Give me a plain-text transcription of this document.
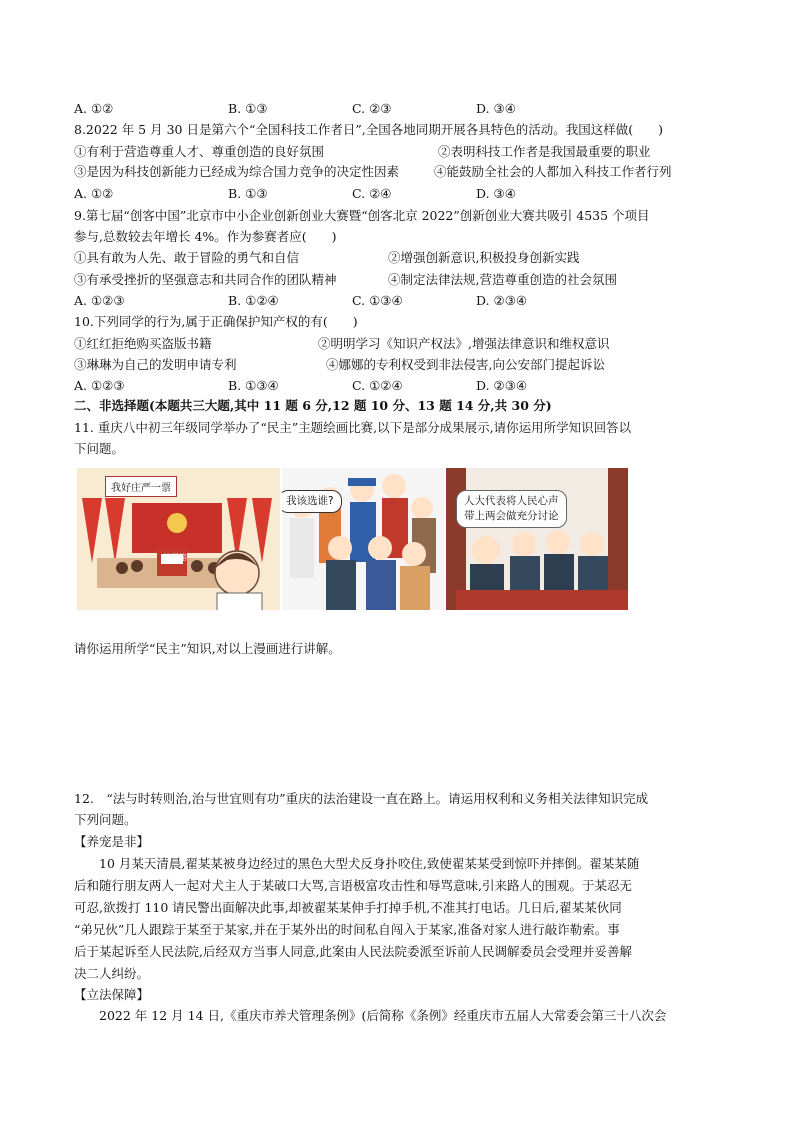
A. ①②	B. ①③	C. ②③	D. ③④
8.2022 年 5 月 30 日是第六个“全国科技工作者日”,全国各地同期开展各具特色的活动。我国这样做(　　)
①有利于营造尊重人才、尊重创造的良好氛围	②表明科技工作者是我国最重要的职业
③是因为科技创新能力已经成为综合国力竞争的决定性因素	④能鼓励全社会的人都加入科技工作者行列
A. ①②	B. ①③	C. ②④	D. ③④
9.第七届“创客中国”北京市中小企业创新创业大赛暨“创客北京 2022”创新创业大赛共吸引 4535 个项目
参与,总数较去年增长 4%。作为参赛者应(　　)
①具有敢为人先、敢于冒险的勇气和自信	②增强创新意识,积极投身创新实践
③有承受挫折的坚强意志和共同合作的团队精神	④制定法律法规,营造尊重创造的社会氛围
A. ①②③	B. ①②④	C. ①③④	D. ②③④
10.下列同学的行为,属于正确保护知产权的有(　　)
①红红拒绝购买盗版书籍	②明明学习《知识产权法》,增强法律意识和维权意识
③琳琳为自己的发明申请专利	④娜娜的专利权受到非法侵害,向公安部门提起诉讼
A. ①②③	B. ①③④	C. ①②④	D. ②③④
二、非选择题(本题共三大题,其中 11 题 6 分,12 题 10 分、13 题 14 分,共 30 分)
11. 重庆八中初三年级同学举办了“民主”主题绘画比赛,以下是部分成果展示,请你运用所学知识回答以
下问题。
我好庄严一票
投票箱
我该选谁?	人大代表将人民心声
带上两会做充分讨论
请你运用所学“民主”知识,对以上漫画进行讲解。
12.　“法与时转则治,治与世宜则有功”重庆的法治建设一直在路上。请运用权利和义务相关法律知识完成
下列问题。
【养宠是非】
　　10 月某天清晨,翟某某被身边经过的黑色大型犬反身扑咬住,致使翟某某受到惊吓并摔倒。翟某某随
后和随行朋友两人一起对犬主人于某破口大骂,言语极富攻击性和辱骂意味,引来路人的围观。于某忍无
可忍,欲拨打 110 请民警出面解决此事,却被翟某某伸手打掉手机,不准其打电话。几日后,翟某某伙同
“弟兄伙”几人跟踪于某至于某家,并在于某外出的时间私自闯入于某家,准备对家人进行敲诈勒索。事
后于某起诉至人民法院,后经双方当事人同意,此案由人民法院委派至诉前人民调解委员会受理并妥善解
决二人纠纷。
【立法保障】
　　2022 年 12 月 14 日,《重庆市养犬管理条例》(后简称《条例》经重庆市五届人大常委会第三十八次会
